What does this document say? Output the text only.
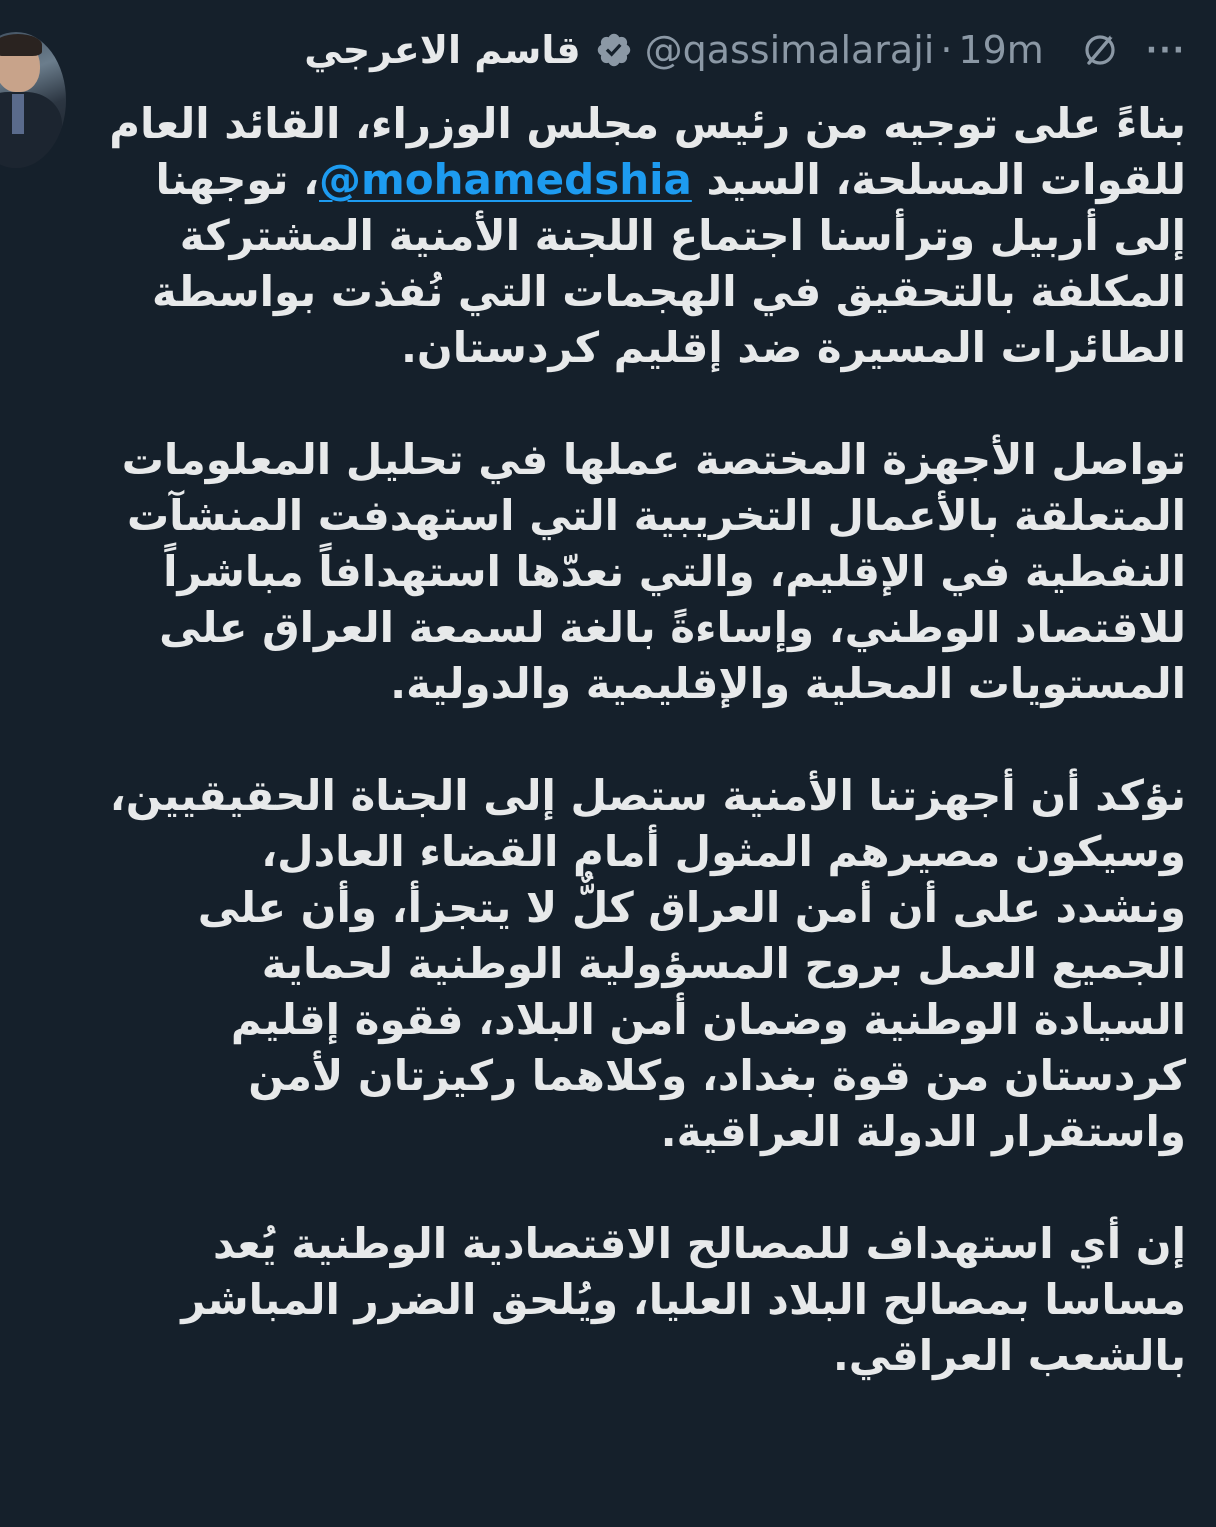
قاسم الاعرجي @qassimalaraji · 19m	···
بناءً على توجيه من رئيس مجلس الوزراء، القائد العام
للقوات المسلحة، السيد @mohamedshia، توجهنا
إلى أربيل وترأسنا اجتماع اللجنة الأمنية المشتركة
المكلفة بالتحقيق في الهجمات التي نُفذت بواسطة
الطائرات المسيرة ضد إقليم كردستان.
تواصل الأجهزة المختصة عملها في تحليل المعلومات
المتعلقة بالأعمال التخريبية التي استهدفت المنشآت
النفطية في الإقليم، والتي نعدّها استهدافاً مباشراً
للاقتصاد الوطني، وإساءةً بالغة لسمعة العراق على
المستويات المحلية والإقليمية والدولية.
نؤكد أن أجهزتنا الأمنية ستصل إلى الجناة الحقيقيين،
وسيكون مصيرهم المثول أمام القضاء العادل،
ونشدد على أن أمن العراق كلٌّ لا يتجزأ، وأن على
الجميع العمل بروح المسؤولية الوطنية لحماية
السيادة الوطنية وضمان أمن البلاد، فقوة إقليم
كردستان من قوة بغداد، وكلاهما ركيزتان لأمن
واستقرار الدولة العراقية.
إن أي استهداف للمصالح الاقتصادية الوطنية يُعد
مساسا بمصالح البلاد العليا، ويُلحق الضرر المباشر
بالشعب العراقي.
